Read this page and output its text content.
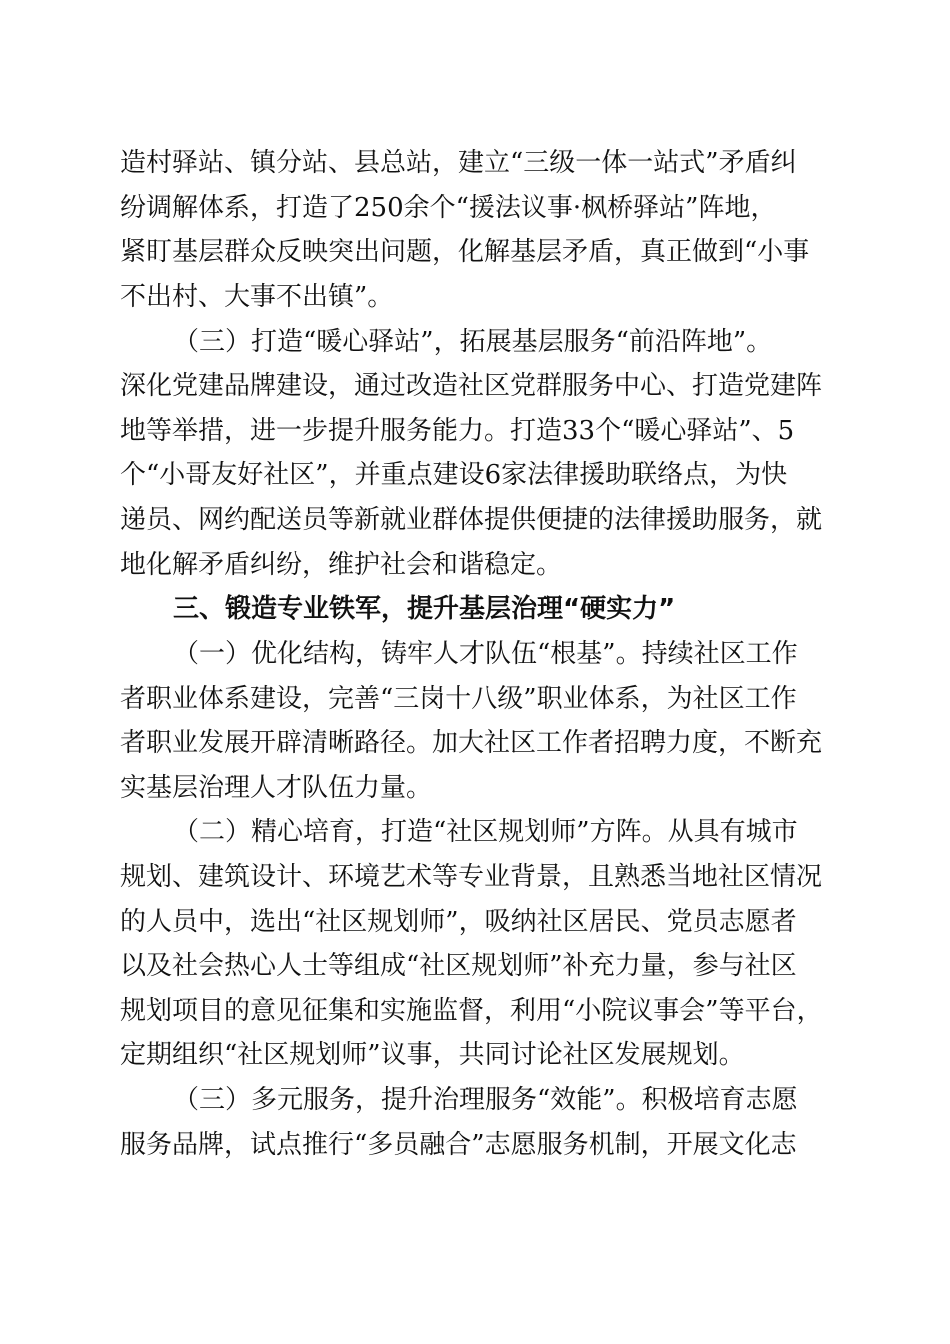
造村驿站、镇分站、县总站，建立“三级一体一站式”矛盾纠
纷调解体系，打造了250余个“援法议事·枫桥驿站”阵地，
紧盯基层群众反映突出问题，化解基层矛盾，真正做到“小事
不出村、大事不出镇”。
（三）打造“暖心驿站”，拓展基层服务“前沿阵地”。
深化党建品牌建设，通过改造社区党群服务中心、打造党建阵
地等举措，进一步提升服务能力。打造33个“暖心驿站”、5
个“小哥友好社区”，并重点建设6家法律援助联络点，为快
递员、网约配送员等新就业群体提供便捷的法律援助服务，就
地化解矛盾纠纷，维护社会和谐稳定。
三、锻造专业铁军，提升基层治理“硬实力”
（一）优化结构，铸牢人才队伍“根基”。持续社区工作
者职业体系建设，完善“三岗十八级”职业体系，为社区工作
者职业发展开辟清晰路径。加大社区工作者招聘力度，不断充
实基层治理人才队伍力量。
（二）精心培育，打造“社区规划师”方阵。从具有城市
规划、建筑设计、环境艺术等专业背景，且熟悉当地社区情况
的人员中，选出“社区规划师”，吸纳社区居民、党员志愿者
以及社会热心人士等组成“社区规划师”补充力量，参与社区
规划项目的意见征集和实施监督，利用“小院议事会”等平台，
定期组织“社区规划师”议事，共同讨论社区发展规划。
（三）多元服务，提升治理服务“效能”。积极培育志愿
服务品牌，试点推行“多员融合”志愿服务机制，开展文化志
